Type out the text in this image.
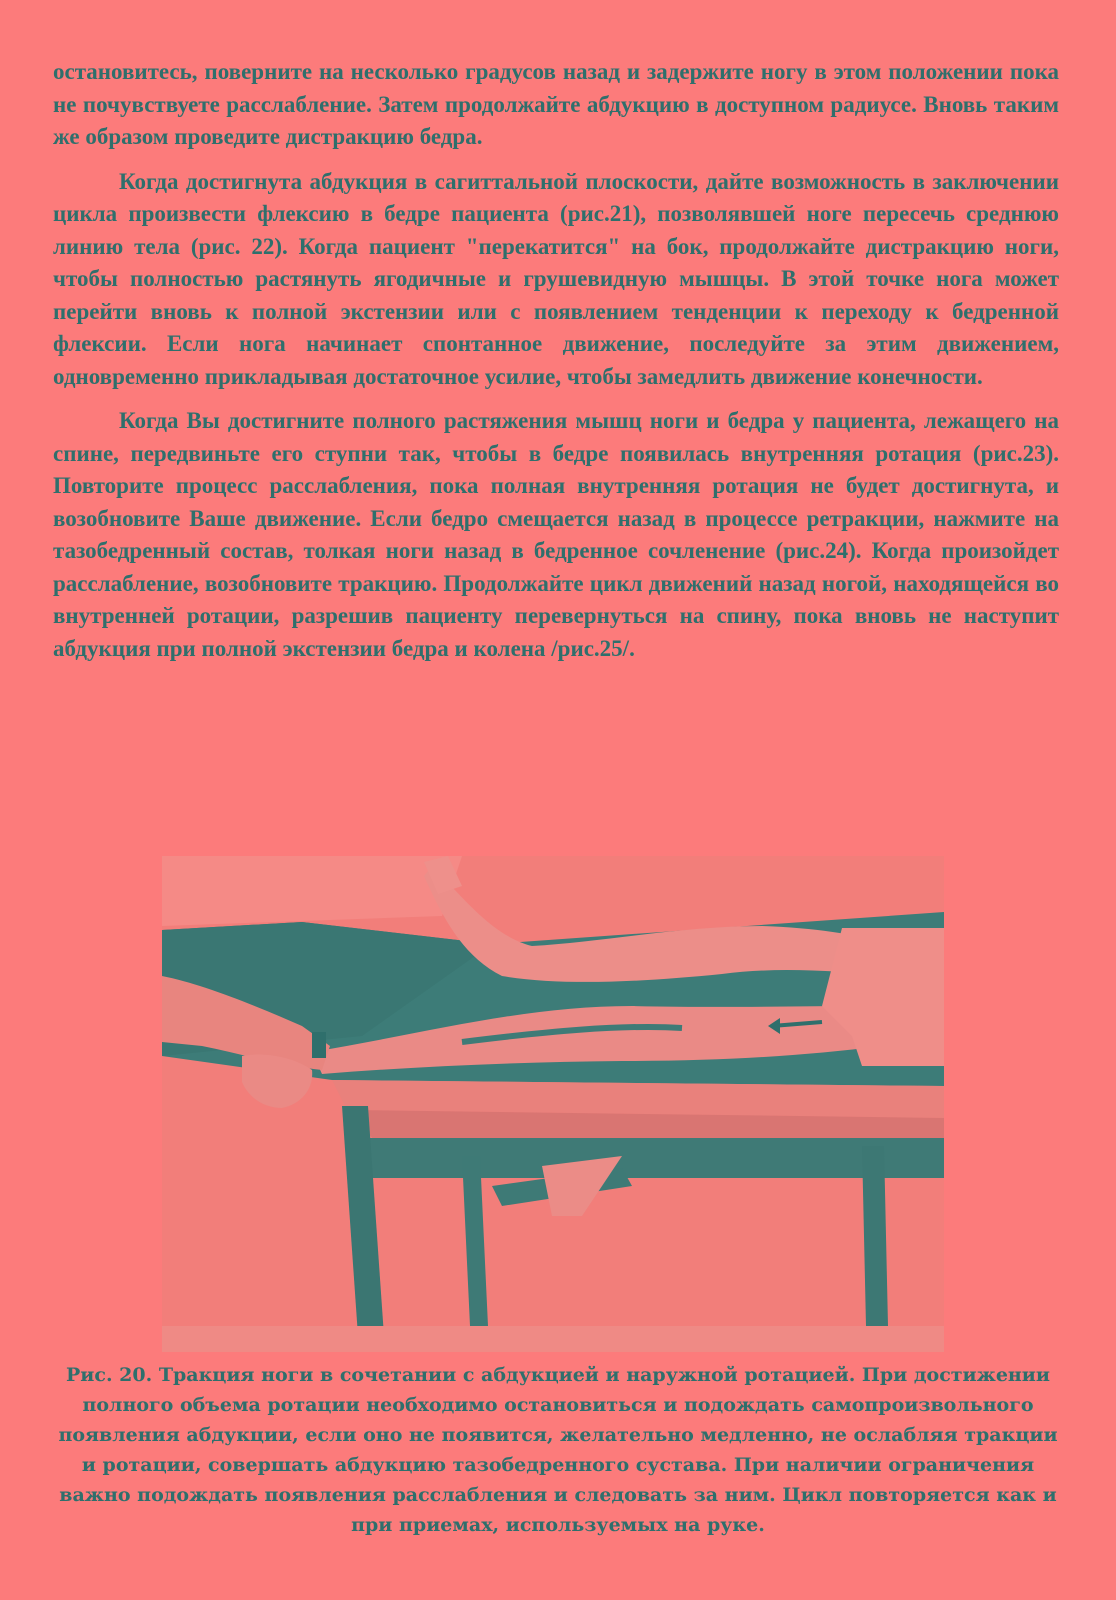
остановитесь, поверните на несколько градусов назад и задержите ногу в этом положении пока не почувствуете расслабление. Затем продолжайте абдукцию в доступном радиусе. Вновь таким же образом проведите дистракцию бедра.

Когда достигнута абдукция в сагиттальной плоскости, дайте возможность в заключении цикла произвести флексию в бедре пациента (рис.21), позволявшей ноге пересечь среднюю линию тела (рис. 22). Когда пациент "перекатится" на бок, продолжайте дистракцию ноги, чтобы полностью растянуть ягодичные и грушевидную мышцы. В этой точке нога может перейти вновь к полной экстензии или с появлением тенденции к переходу к бедренной флексии. Если нога начинает спонтанное движение, последуйте за этим движением, одновременно прикладывая достаточное усилие, чтобы замедлить движение конечности.

Когда Вы достигните полного растяжения мышц ноги и бедра у пациента, лежащего на спине, передвиньте его ступни так, чтобы в бедре появилась внутренняя ротация (рис.23). Повторите процесс расслабления, пока полная внутренняя ротация не будет достигнута, и возобновите Ваше движение. Если бедро смещается назад в процессе ретракции, нажмите на тазобедренный состав, толкая ноги назад в бедренное сочленение (рис.24). Когда произойдет расслабление, возобновите тракцию. Продолжайте цикл движений назад ногой, находящейся во внутренней ротации, разрешив пациенту перевернуться на спину, пока вновь не наступит абдукция при полной экстензии бедра и колена /рис.25/.

Рис. 20. Тракция ноги в сочетании с абдукцией и наружной ротацией. При достижении полного объема ротации необходимо остановиться и подождать самопроизвольного появления абдукции, если оно не появится, желательно медленно, не ослабляя тракции и ротации, совершать абдукцию тазобедренного сустава. При наличии ограничения важно подождать появления расслабления и следовать за ним. Цикл повторяется как и при приемах, используемых на руке.
